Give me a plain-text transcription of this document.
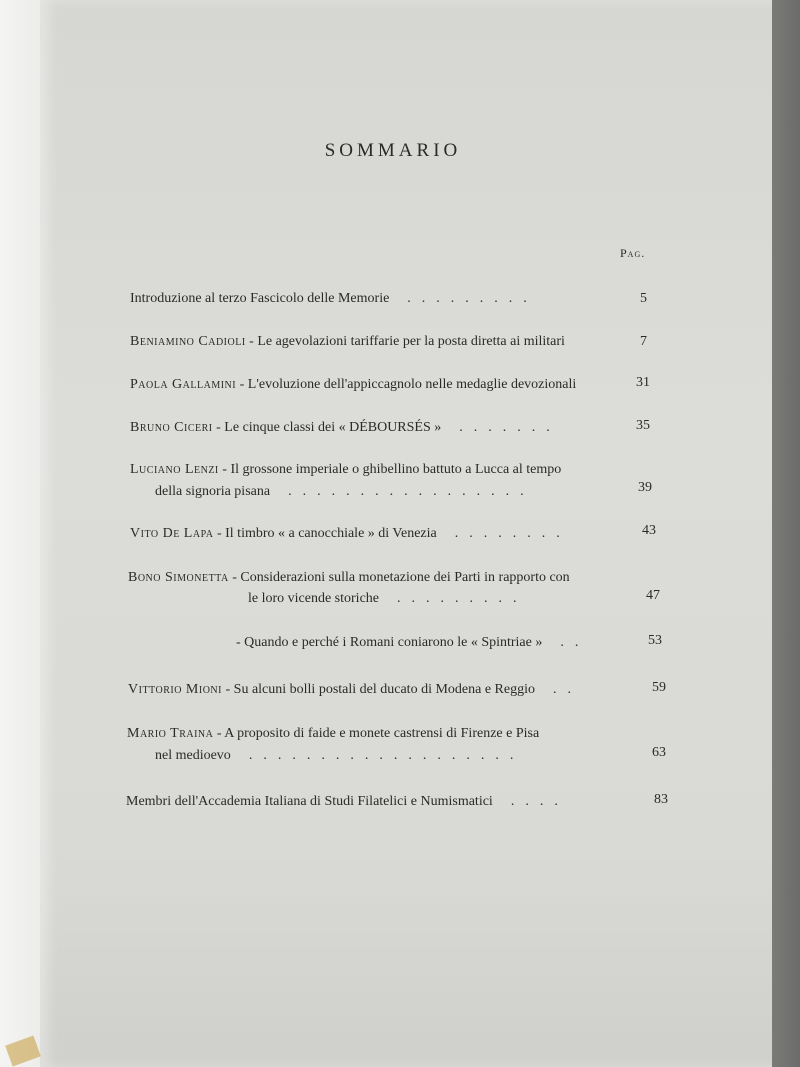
SOMMARIO
Pag.
Introduzione al terzo Fascicolo delle Memorie  .........	5
Beniamino Cadioli - Le agevolazioni tariffarie per la posta diretta ai militari	7
Paola Gallamini - L'evoluzione dell'appiccagnolo nelle medaglie devozionali	31
Bruno Ciceri - Le cinque classi dei « DÉBOURSÉS »  .......	35
Luciano Lenzi - Il grossone imperiale o ghibellino battuto a Lucca al tempo
della signoria pisana  .................	39
Vito De Lapa - Il timbro « a canocchiale » di Venezia  ........	43
Bono Simonetta - Considerazioni sulla monetazione dei Parti in rapporto con
le loro vicende storiche  .........	47
- Quando e perché i Romani coniarono le « Spintriae »  ..	53
Vittorio Mioni - Su alcuni bolli postali del ducato di Modena e Reggio  ..	59
Mario Traina - A proposito di faide e monete castrensi di Firenze e Pisa
nel medioevo  ...................	63
Membri dell'Accademia Italiana di Studi Filatelici e Numismatici  ....	83
